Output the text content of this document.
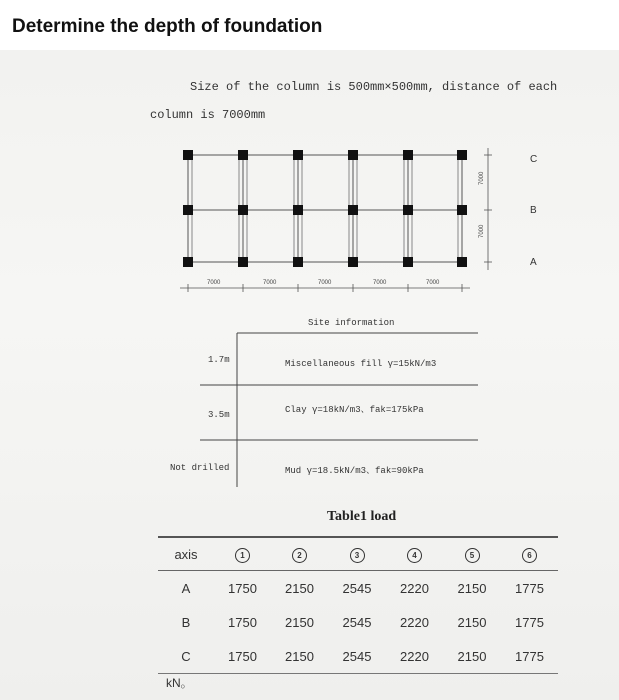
Determine the depth of foundation
Size of the column is 500mm×500mm, distance of each
column is 7000mm
7000	7000	7000	7000	7000
7000
7000
C
B
A
Site information
1.7m	Miscellaneous fill γ=15kN/m3
3.5m	Clay γ=18kN/m3、fak=175kPa
Not drilled	Mud γ=18.5kN/m3、fak=90kPa
Table1 load
axis	1	2	3	4	5	6
A	1750	2150	2545	2220	2150	1775
B	1750	2150	2545	2220	2150	1775
C	1750	2150	2545	2220	2150	1775
kN。
